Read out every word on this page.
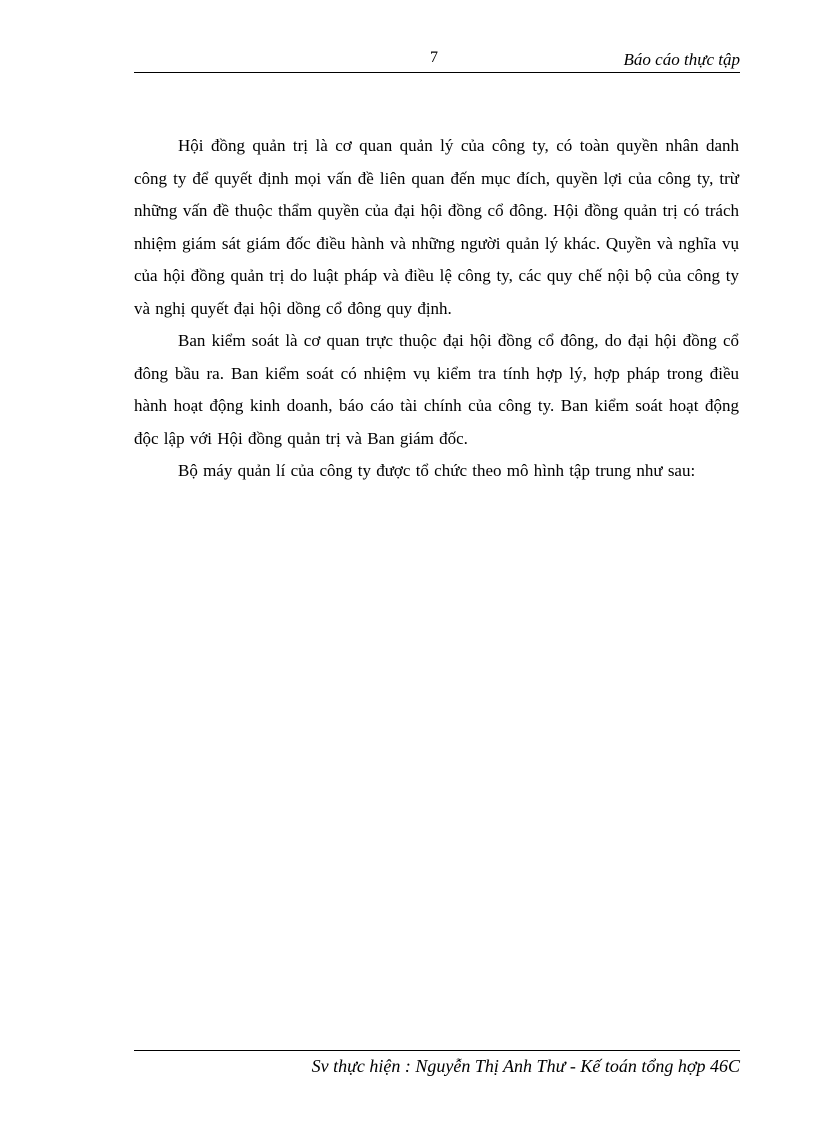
7	Báo cáo thực tập

Hội đồng quản trị là cơ quan quản lý của công ty, có toàn quyền nhân danh công ty để quyết định mọi vấn đề liên quan đến mục đích, quyền lợi của công ty, trừ những vấn đề thuộc thẩm quyền của đại hội đồng cổ đông. Hội đồng quản trị có trách nhiệm giám sát giám đốc điều hành và những người quản lý khác. Quyền và nghĩa vụ của hội đồng quản trị do luật pháp và điều lệ công ty, các quy chế nội bộ của công ty và nghị quyết đại hội dồng cổ đông quy định.

Ban kiểm soát là cơ quan trực thuộc đại hội đồng cổ đông, do đại hội đồng cổ đông bầu ra. Ban kiểm soát có nhiệm vụ kiểm tra tính hợp lý, hợp pháp trong điều hành hoạt động kinh doanh, báo cáo tài chính của công ty. Ban kiểm soát hoạt động độc lập với Hội đồng quản trị và Ban giám đốc.

Bộ máy quản lí của công ty được tổ chức theo mô hình tập trung như sau:

Sv thực hiện : Nguyễn Thị Anh Thư - Kế toán tổng hợp 46C
